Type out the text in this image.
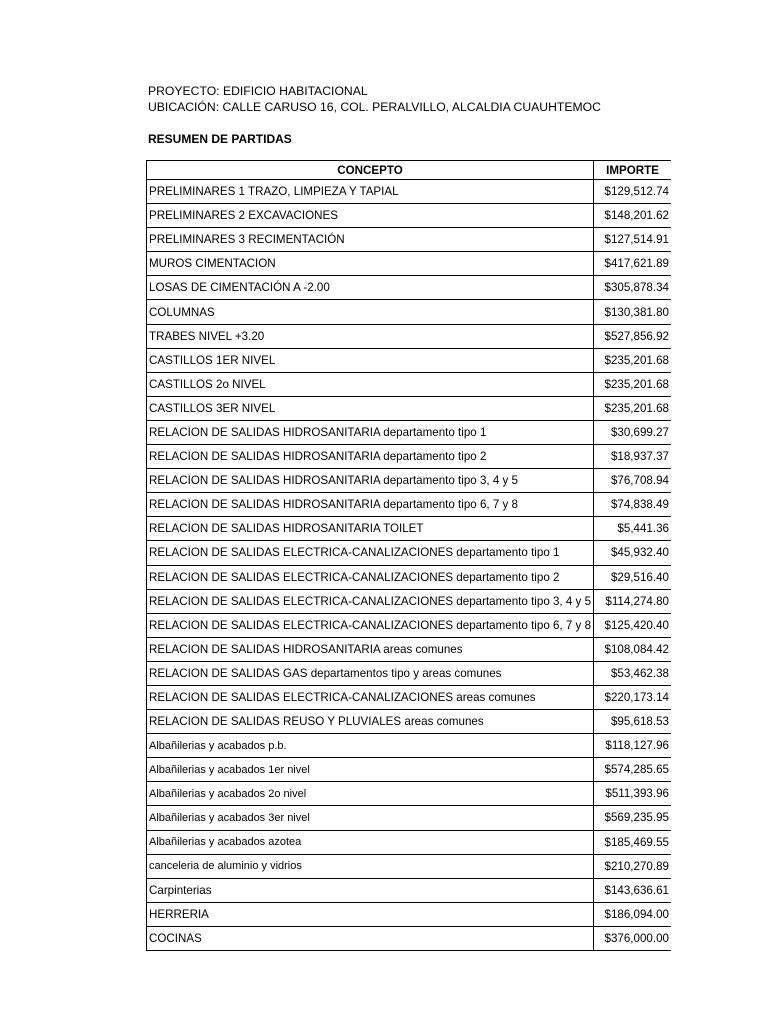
PROYECTO: EDIFICIO HABITACIONAL
UBICACIÓN: CALLE CARUSO 16, COL. PERALVILLO, ALCALDIA CUAUHTEMOC
RESUMEN DE PARTIDAS
CONCEPTO	IMPORTE
PRELIMINARES 1 TRAZO, LIMPIEZA Y TAPIAL	$129,512.74
PRELIMINARES 2 EXCAVACIONES	$148,201.62
PRELIMINARES 3 RECIMENTACIÓN	$127,514.91
MUROS CIMENTACION	$417,621.89
LOSAS DE CIMENTACIÓN A -2.00	$305,878.34
COLUMNAS	$130,381.80
TRABES NIVEL +3.20	$527,856.92
CASTILLOS 1ER NIVEL	$235,201.68
CASTILLOS 2o NIVEL	$235,201.68
CASTILLOS 3ER NIVEL	$235,201.68
RELACION DE SALIDAS HIDROSANITARIA departamento tipo 1	$30,699.27
RELACION DE SALIDAS HIDROSANITARIA departamento tipo 2	$18,937.37
RELACION DE SALIDAS HIDROSANITARIA departamento tipo 3, 4 y 5	$76,708.94
RELACION DE SALIDAS HIDROSANITARIA departamento tipo 6, 7 y 8	$74,838.49
RELACION DE SALIDAS HIDROSANITARIA TOILET	$5,441.36
RELACION DE SALIDAS ELECTRICA-CANALIZACIONES departamento tipo 1	$45,932.40
RELACION DE SALIDAS ELECTRICA-CANALIZACIONES departamento tipo 2	$29,516.40
RELACION DE SALIDAS ELECTRICA-CANALIZACIONES departamento tipo 3, 4 y 5	$114,274.80
RELACION DE SALIDAS ELECTRICA-CANALIZACIONES departamento tipo 6, 7 y 8	$125,420.40
RELACION DE SALIDAS HIDROSANITARIA areas comunes	$108,084.42
RELACION DE SALIDAS GAS departamentos tipo y areas comunes	$53,462.38
RELACION DE SALIDAS ELECTRICA-CANALIZACIONES areas comunes	$220,173.14
RELACION DE SALIDAS REUSO Y PLUVIALES areas comunes	$95,618.53
Albañilerias y acabados p.b.	$118,127.96
Albañilerias y acabados 1er nivel	$574,285.65
Albañilerias y acabados 2o nivel	$511,393.96
Albañilerias y acabados 3er nivel	$569,235.95
Albañilerias y acabados azotea	$185,469.55
canceleria de aluminio y vidrios	$210,270.89
Carpinterias	$143,636.61
HERRERIA	$186,094.00
COCINAS	$376,000.00
